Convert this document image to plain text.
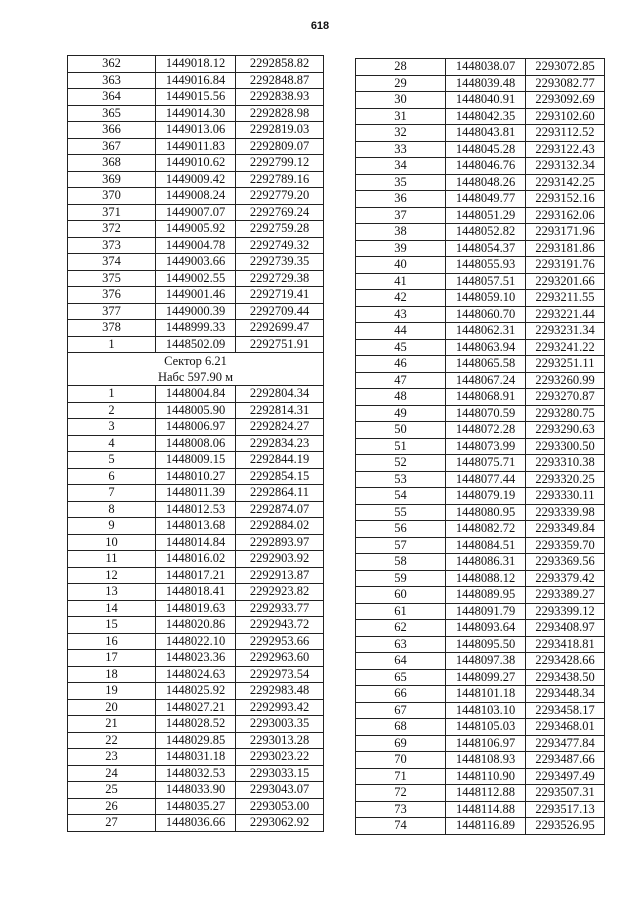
618
362	1449018.12	2292858.82
363	1449016.84	2292848.87
364	1449015.56	2292838.93
365	1449014.30	2292828.98
366	1449013.06	2292819.03
367	1449011.83	2292809.07
368	1449010.62	2292799.12
369	1449009.42	2292789.16
370	1449008.24	2292779.20
371	1449007.07	2292769.24
372	1449005.92	2292759.28
373	1449004.78	2292749.32
374	1449003.66	2292739.35
375	1449002.55	2292729.38
376	1449001.46	2292719.41
377	1449000.39	2292709.44
378	1448999.33	2292699.47
1	1448502.09	2292751.91

Сектор 6.21
Набс 597.90 м		

1	1448004.84	2292804.34
2	1448005.90	2292814.31
3	1448006.97	2292824.27
4	1448008.06	2292834.23
5	1448009.15	2292844.19
6	1448010.27	2292854.15
7	1448011.39	2292864.11
8	1448012.53	2292874.07
9	1448013.68	2292884.02
10	1448014.84	2292893.97
11	1448016.02	2292903.92
12	1448017.21	2292913.87
13	1448018.41	2292923.82
14	1448019.63	2292933.77
15	1448020.86	2292943.72
16	1448022.10	2292953.66
17	1448023.36	2292963.60
18	1448024.63	2292973.54
19	1448025.92	2292983.48
20	1448027.21	2292993.42
21	1448028.52	2293003.35
22	1448029.85	2293013.28
23	1448031.18	2293023.22
24	1448032.53	2293033.15
25	1448033.90	2293043.07
26	1448035.27	2293053.00
27	1448036.66	2293062.92
28	1448038.07	2293072.85
29	1448039.48	2293082.77
30	1448040.91	2293092.69
31	1448042.35	2293102.60
32	1448043.81	2293112.52
33	1448045.28	2293122.43
34	1448046.76	2293132.34
35	1448048.26	2293142.25
36	1448049.77	2293152.16
37	1448051.29	2293162.06
38	1448052.82	2293171.96
39	1448054.37	2293181.86
40	1448055.93	2293191.76
41	1448057.51	2293201.66
42	1448059.10	2293211.55
43	1448060.70	2293221.44
44	1448062.31	2293231.34
45	1448063.94	2293241.22
46	1448065.58	2293251.11
47	1448067.24	2293260.99
48	1448068.91	2293270.87
49	1448070.59	2293280.75
50	1448072.28	2293290.63
51	1448073.99	2293300.50
52	1448075.71	2293310.38
53	1448077.44	2293320.25
54	1448079.19	2293330.11
55	1448080.95	2293339.98
56	1448082.72	2293349.84
57	1448084.51	2293359.70
58	1448086.31	2293369.56
59	1448088.12	2293379.42
60	1448089.95	2293389.27
61	1448091.79	2293399.12
62	1448093.64	2293408.97
63	1448095.50	2293418.81
64	1448097.38	2293428.66
65	1448099.27	2293438.50
66	1448101.18	2293448.34
67	1448103.10	2293458.17
68	1448105.03	2293468.01
69	1448106.97	2293477.84
70	1448108.93	2293487.66
71	1448110.90	2293497.49
72	1448112.88	2293507.31
73	1448114.88	2293517.13
74	1448116.89	2293526.95
